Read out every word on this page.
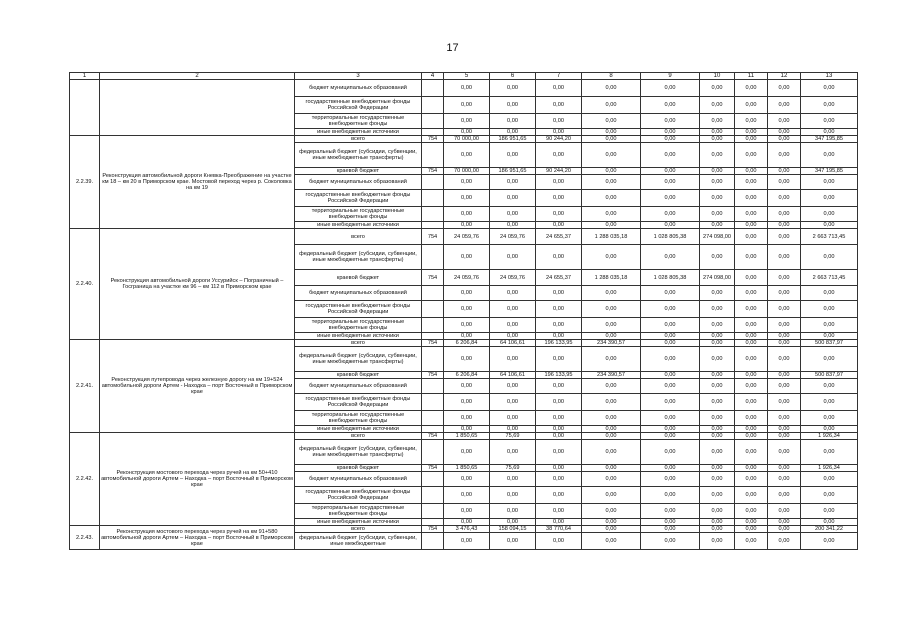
17
1	2	3	4	5	6	7	8	9	10	11	12	13
		бюджет муниципальных образований		0,00	0,00	0,00	0,00	0,00	0,00	0,00	0,00	0,00
		государственные внебюджетные фонды Российской Федерации		0,00	0,00	0,00	0,00	0,00	0,00	0,00	0,00	0,00
		территориальные государственные внебюджетные фонды		0,00	0,00	0,00	0,00	0,00	0,00	0,00	0,00	0,00
		иные внебюджетные источники		0,00	0,00	0,00	0,00	0,00	0,00	0,00	0,00	0,00
2.2.39.	Реконструкция автомобильной дороги Кневка-Преображение на участке км 18 – км 20 в Приморском крае. Мостовой переход через р. Соколовка на км 19	всего	754	70 000,00	186 951,65	90 244,20	0,00	0,00	0,00	0,00	0,00	347 195,85
		федеральный бюджет (субсидии, субвенции, иные межбюджетные трансферты)		0,00	0,00	0,00	0,00	0,00	0,00	0,00	0,00	0,00
		краевой бюджет	754	70 000,00	186 951,65	90 244,20	0,00	0,00	0,00	0,00	0,00	347 195,85
		бюджет муниципальных образований		0,00	0,00	0,00	0,00	0,00	0,00	0,00	0,00	0,00
		государственные внебюджетные фонды Российской Федерации		0,00	0,00	0,00	0,00	0,00	0,00	0,00	0,00	0,00
		территориальные государственные внебюджетные фонды		0,00	0,00	0,00	0,00	0,00	0,00	0,00	0,00	0,00
		иные внебюджетные источники		0,00	0,00	0,00	0,00	0,00	0,00	0,00	0,00	0,00
2.2.40.	Реконструкция автомобильной дороги Уссурийск – Пограничный – Госграница на участке км 96 – км 112 в Приморском крае	всего	754	24 059,76	24 059,76	24 655,37	1 288 035,18	1 028 805,38	274 098,00	0,00	0,00	2 663 713,45
		федеральный бюджет (субсидии, субвенции, иные межбюджетные трансферты)		0,00	0,00	0,00	0,00	0,00	0,00	0,00	0,00	0,00
		краевой бюджет	754	24 059,76	24 059,76	24 655,37	1 288 035,18	1 028 805,38	274 098,00	0,00	0,00	2 663 713,45
		бюджет муниципальных образований		0,00	0,00	0,00	0,00	0,00	0,00	0,00	0,00	0,00
		государственные внебюджетные фонды Российской Федерации		0,00	0,00	0,00	0,00	0,00	0,00	0,00	0,00	0,00
		территориальные государственные внебюджетные фонды		0,00	0,00	0,00	0,00	0,00	0,00	0,00	0,00	0,00
		иные внебюджетные источники		0,00	0,00	0,00	0,00	0,00	0,00	0,00	0,00	0,00
2.2.41.	Реконструкция путепровода через железную дорогу на км 19+524 автомобильной дороги Артем - Находка – порт Восточный в Приморском крае	всего	754	6 206,84	64 106,61	196 133,95	234 390,57	0,00	0,00	0,00	0,00	500 837,97
		федеральный бюджет (субсидии, субвенции, иные межбюджетные трансферты)		0,00	0,00	0,00	0,00	0,00	0,00	0,00	0,00	0,00
		краевой бюджет	754	6 206,84	64 106,61	196 133,95	234 390,57	0,00	0,00	0,00	0,00	500 837,97
		бюджет муниципальных образований		0,00	0,00	0,00	0,00	0,00	0,00	0,00	0,00	0,00
		государственные внебюджетные фонды Российской Федерации		0,00	0,00	0,00	0,00	0,00	0,00	0,00	0,00	0,00
		территориальные государственные внебюджетные фонды		0,00	0,00	0,00	0,00	0,00	0,00	0,00	0,00	0,00
		иные внебюджетные источники		0,00	0,00	0,00	0,00	0,00	0,00	0,00	0,00	0,00
2.2.42.	Реконструкция мостового перехода через ручей на км 50+410 автомобильной дороги Артем – Находка – порт Восточный в Приморском крае	всего	754	1 850,65	75,69	0,00	0,00	0,00	0,00	0,00	0,00	1 926,34
		федеральный бюджет (субсидии, субвенции, иные межбюджетные трансферты)		0,00	0,00	0,00	0,00	0,00	0,00	0,00	0,00	0,00
		краевой бюджет	754	1 850,65	75,69	0,00	0,00	0,00	0,00	0,00	0,00	1 926,34
		бюджет муниципальных образований		0,00	0,00	0,00	0,00	0,00	0,00	0,00	0,00	0,00
		государственные внебюджетные фонды Российской Федерации		0,00	0,00	0,00	0,00	0,00	0,00	0,00	0,00	0,00
		территориальные государственные внебюджетные фонды		0,00	0,00	0,00	0,00	0,00	0,00	0,00	0,00	0,00
		иные внебюджетные источники		0,00	0,00	0,00	0,00	0,00	0,00	0,00	0,00	0,00
2.2.43.	Реконструкция мостового перехода через ручей на км 91+580 автомобильной дороги Артем – Находка – порт Восточный в Приморском крае	всего	754	3 476,43	158 094,15	38 770,64	0,00	0,00	0,00	0,00	0,00	200 341,22
		федеральный бюджет (субсидии, субвенции, иные межбюджетные		0,00	0,00	0,00	0,00	0,00	0,00	0,00	0,00	0,00
